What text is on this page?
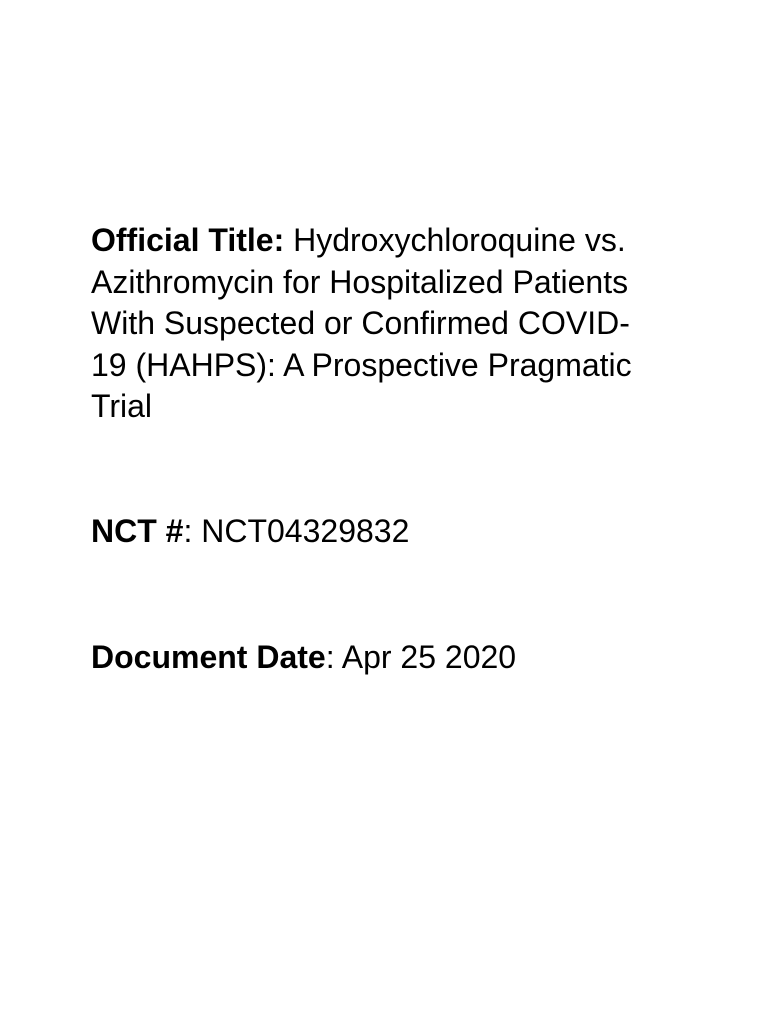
Official Title: Hydroxychloroquine vs. Azithromycin for Hospitalized Patients With Suspected or Confirmed COVID-19 (HAHPS): A Prospective Pragmatic Trial

NCT #: NCT04329832

Document Date: Apr 25 2020
